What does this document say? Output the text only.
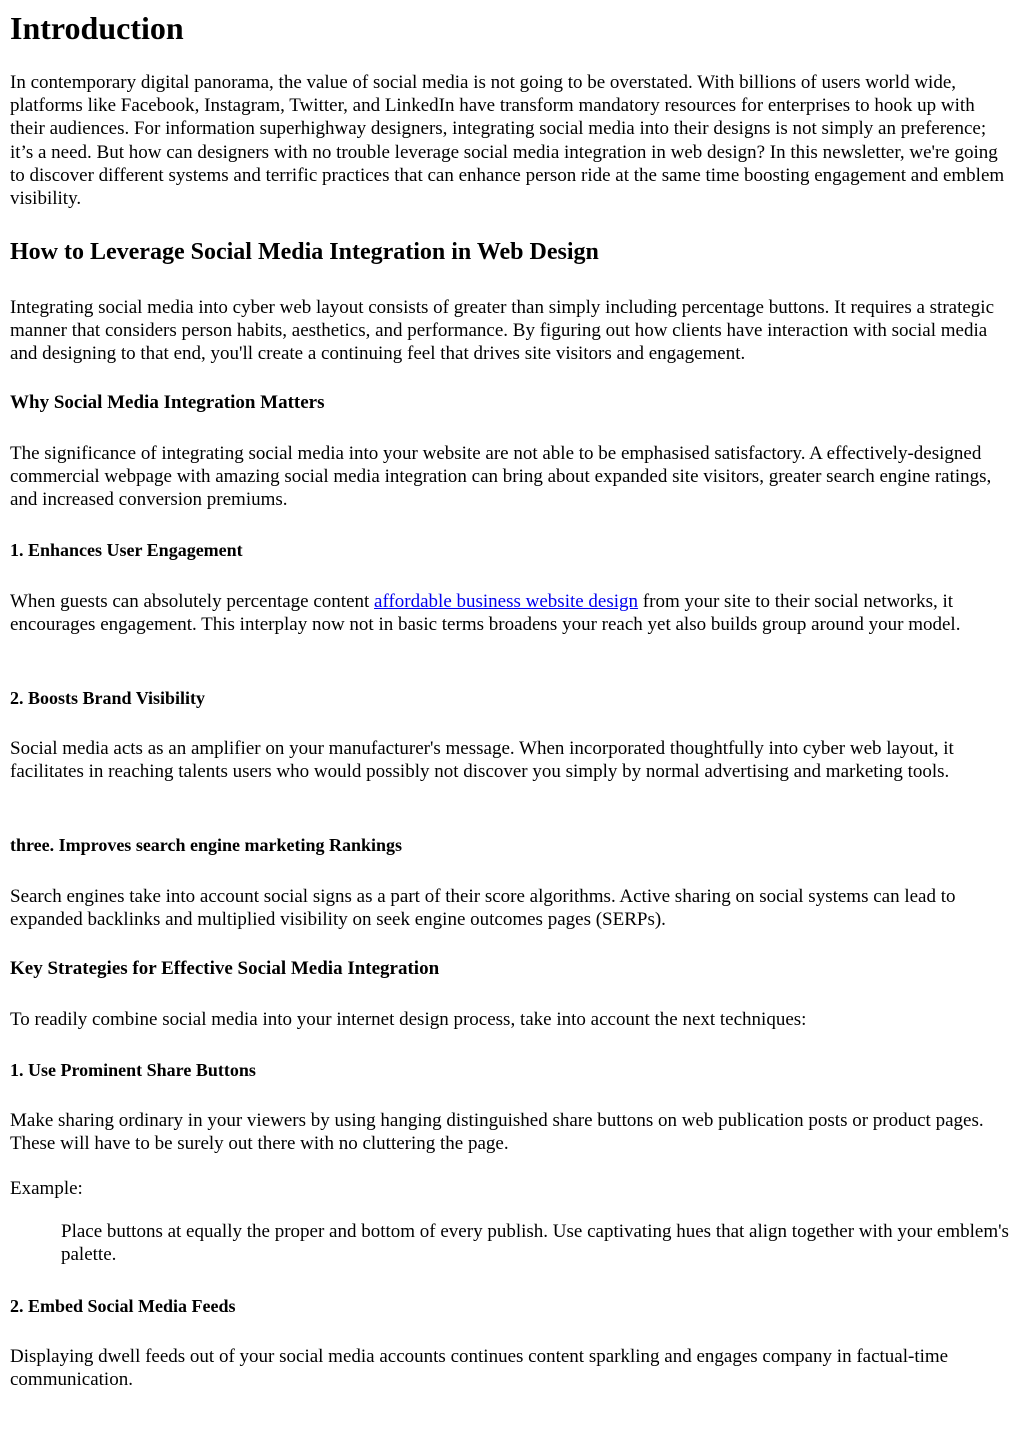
Introduction

In contemporary digital panorama, the value of social media is not going to be overstated. With billions of users world wide, platforms like Facebook, Instagram, Twitter, and LinkedIn have transform mandatory resources for enterprises to hook up with their audiences. For information superhighway designers, integrating social media into their designs is not simply an preference; it’s a need. But how can designers with no trouble leverage social media integration in web design? In this newsletter, we're going to discover different systems and terrific practices that can enhance person ride at the same time boosting engagement and emblem visibility.

How to Leverage Social Media Integration in Web Design

Integrating social media into cyber web layout consists of greater than simply including percentage buttons. It requires a strategic manner that considers person habits, aesthetics, and performance. By figuring out how clients have interaction with social media and designing to that end, you'll create a continuing feel that drives site visitors and engagement.

Why Social Media Integration Matters

The significance of integrating social media into your website are not able to be emphasised satisfactory. A effectively-designed commercial webpage with amazing social media integration can bring about expanded site visitors, greater search engine ratings, and increased conversion premiums.

1. Enhances User Engagement

When guests can absolutely percentage content affordable business website design from your site to their social networks, it encourages engagement. This interplay now not in basic terms broadens your reach yet also builds group around your model.

2. Boosts Brand Visibility

Social media acts as an amplifier on your manufacturer's message. When incorporated thoughtfully into cyber web layout, it facilitates in reaching talents users who would possibly not discover you simply by normal advertising and marketing tools.

three. Improves search engine marketing Rankings

Search engines take into account social signs as a part of their score algorithms. Active sharing on social systems can lead to expanded backlinks and multiplied visibility on seek engine outcomes pages (SERPs).

Key Strategies for Effective Social Media Integration

To readily combine social media into your internet design process, take into account the next techniques:

1. Use Prominent Share Buttons

Make sharing ordinary in your viewers by using hanging distinguished share buttons on web publication posts or product pages. These will have to be surely out there with no cluttering the page.

Example:

Place buttons at equally the proper and bottom of every publish. Use captivating hues that align together with your emblem's palette.

2. Embed Social Media Feeds

Displaying dwell feeds out of your social media accounts continues content sparkling and engages company in factual-time communication.
